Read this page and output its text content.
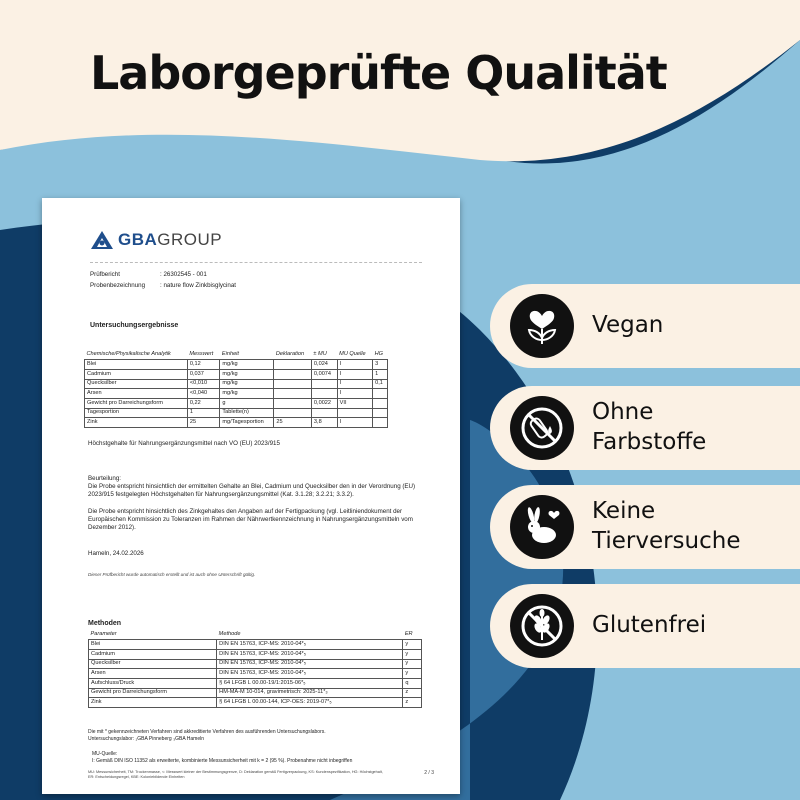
Laborgeprüfte Qualität
GBA GROUP
Prüfbericht	: 26302545 - 001
Probenbezeichnung	: nature flow Zinkbisglycinat
Untersuchungsergebnisse
Chemische/Physikalische Analytik	Messwert	Einheit	Deklaration	± MU	MU Quelle	HG
Blei	0,12	mg/kg		0,024	I	3
Cadmium	0,037	mg/kg		0,0074	I	1
Quecksilber	<0,010	mg/kg			I	0,1
Arsen	<0,040	mg/kg			I	
Gewicht pro Darreichungsform	0,22	g		0,0022	VII	
Tagesportion	1	Tablette(n)				
Zink	25	mg/Tagesportion	25	3,8	I	
Höchstgehalte für Nahrungsergänzungsmittel nach VO (EU) 2023/915
Beurteilung:
Die Probe entspricht hinsichtlich der ermittelten Gehalte an Blei, Cadmium und Quecksilber den in der Verordnung (EU) 2023/915 festgelegten Höchstgehalten für Nahrungsergänzungsmittel (Kat. 3.1.28; 3.2.21; 3.3.2).
Die Probe entspricht hinsichtlich des Zinkgehaltes den Angaben auf der Fertigpackung (vgl. Leitliniendokument der Europäischen Kommission zu Toleranzen im Rahmen der Nährwertkennzeichnung in Nahrungsergänzungsmitteln vom Dezember 2012).
Hameln, 24.02.2026
Dieser Prüfbericht wurde automatisch erstellt und ist auch ohne Unterschrift gültig.
Methoden
Parameter	Methode	ER
Blei	DIN EN 15763, ICP-MS: 2010-04*₅	y
Cadmium	DIN EN 15763, ICP-MS: 2010-04*₅	y
Quecksilber	DIN EN 15763, ICP-MS: 2010-04*₅	y
Arsen	DIN EN 15763, ICP-MS: 2010-04*₅	y
Aufschluss/Druck	§ 64 LFGB L 00.00-19/1:2015-06*₅	q
Gewicht pro Darreichungsform	HM-MA-M 10-014, gravimetrisch: 2025-11*₃	z
Zink	§ 64 LFGB L 00.00-144, ICP-OES: 2019-07*₅	z
Die mit * gekennzeichneten Verfahren sind akkreditierte Verfahren des ausführenden Untersuchungslabors.
Untersuchungslabor: ₁GBA Pinneberg ₃GBA Hameln
MU-Quelle:
I: Gemäß DIN ISO 11352 als erweiterte, kombinierte Messunsicherheit mit k = 2 (95 %). Probenahme nicht inbegriffen
MU: Messunsicherheit, TM: Trockenmasse, <: Messwert kleiner der Bestimmungsgrenze, D: Deklaration gemäß Fertigverpackung, KS: Kundenspezifikation, HG: Höchstgehalt,
ER: Entscheidungsregel, KBE: Koloniebildende Einheiten
2 / 3
Vegan
Ohne Farbstoffe
Keine Tierversuche
Glutenfrei
